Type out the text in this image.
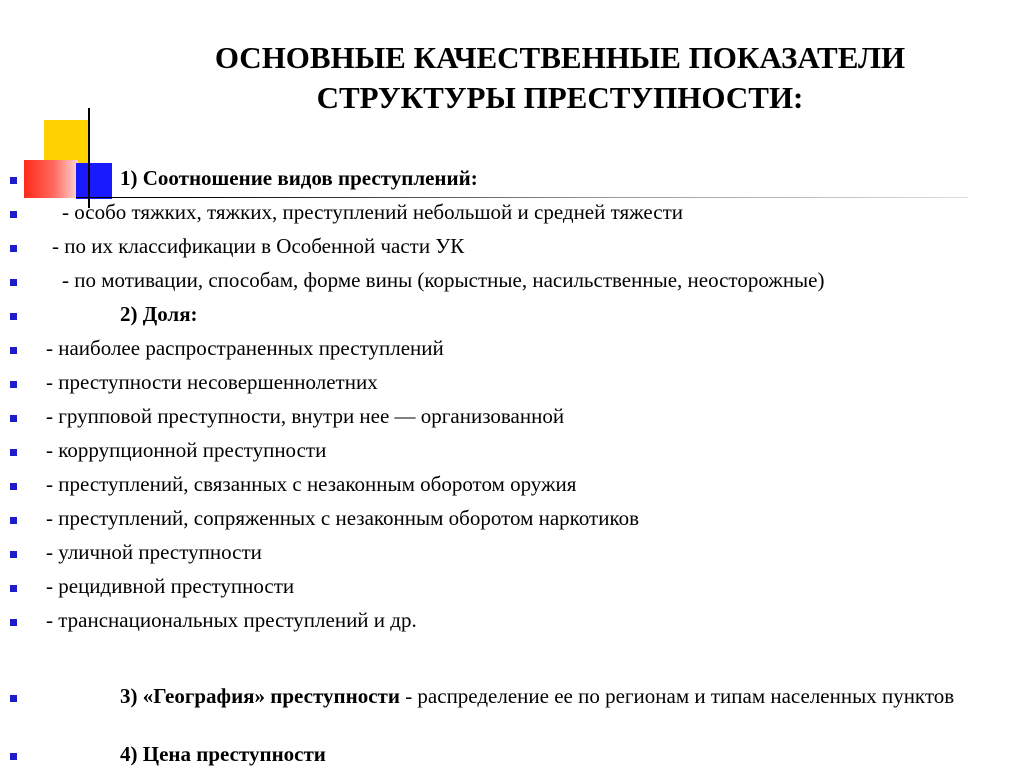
ОСНОВНЫЕ КАЧЕСТВЕННЫЕ ПОКАЗАТЕЛИ
СТРУКТУРЫ ПРЕСТУПНОСТИ:
1) Соотношение видов преступлений:
- особо тяжких, тяжких, преступлений небольшой и средней тяжести
- по их классификации в Особенной части УК
- по мотивации, способам, форме вины (корыстные, насильственные, неосторожные)
2) Доля:
- наиболее распространенных преступлений
- преступности несовершеннолетних
- групповой преступности, внутри нее — организованной
- коррупционной преступности
- преступлений, связанных с незаконным оборотом оружия
- преступлений, сопряженных с незаконным оборотом наркотиков
- уличной преступности
- рецидивной преступности
- транснациональных преступлений и др.
3) «География» преступности - распределение ее по регионам и типам населенных пунктов
4) Цена преступности
